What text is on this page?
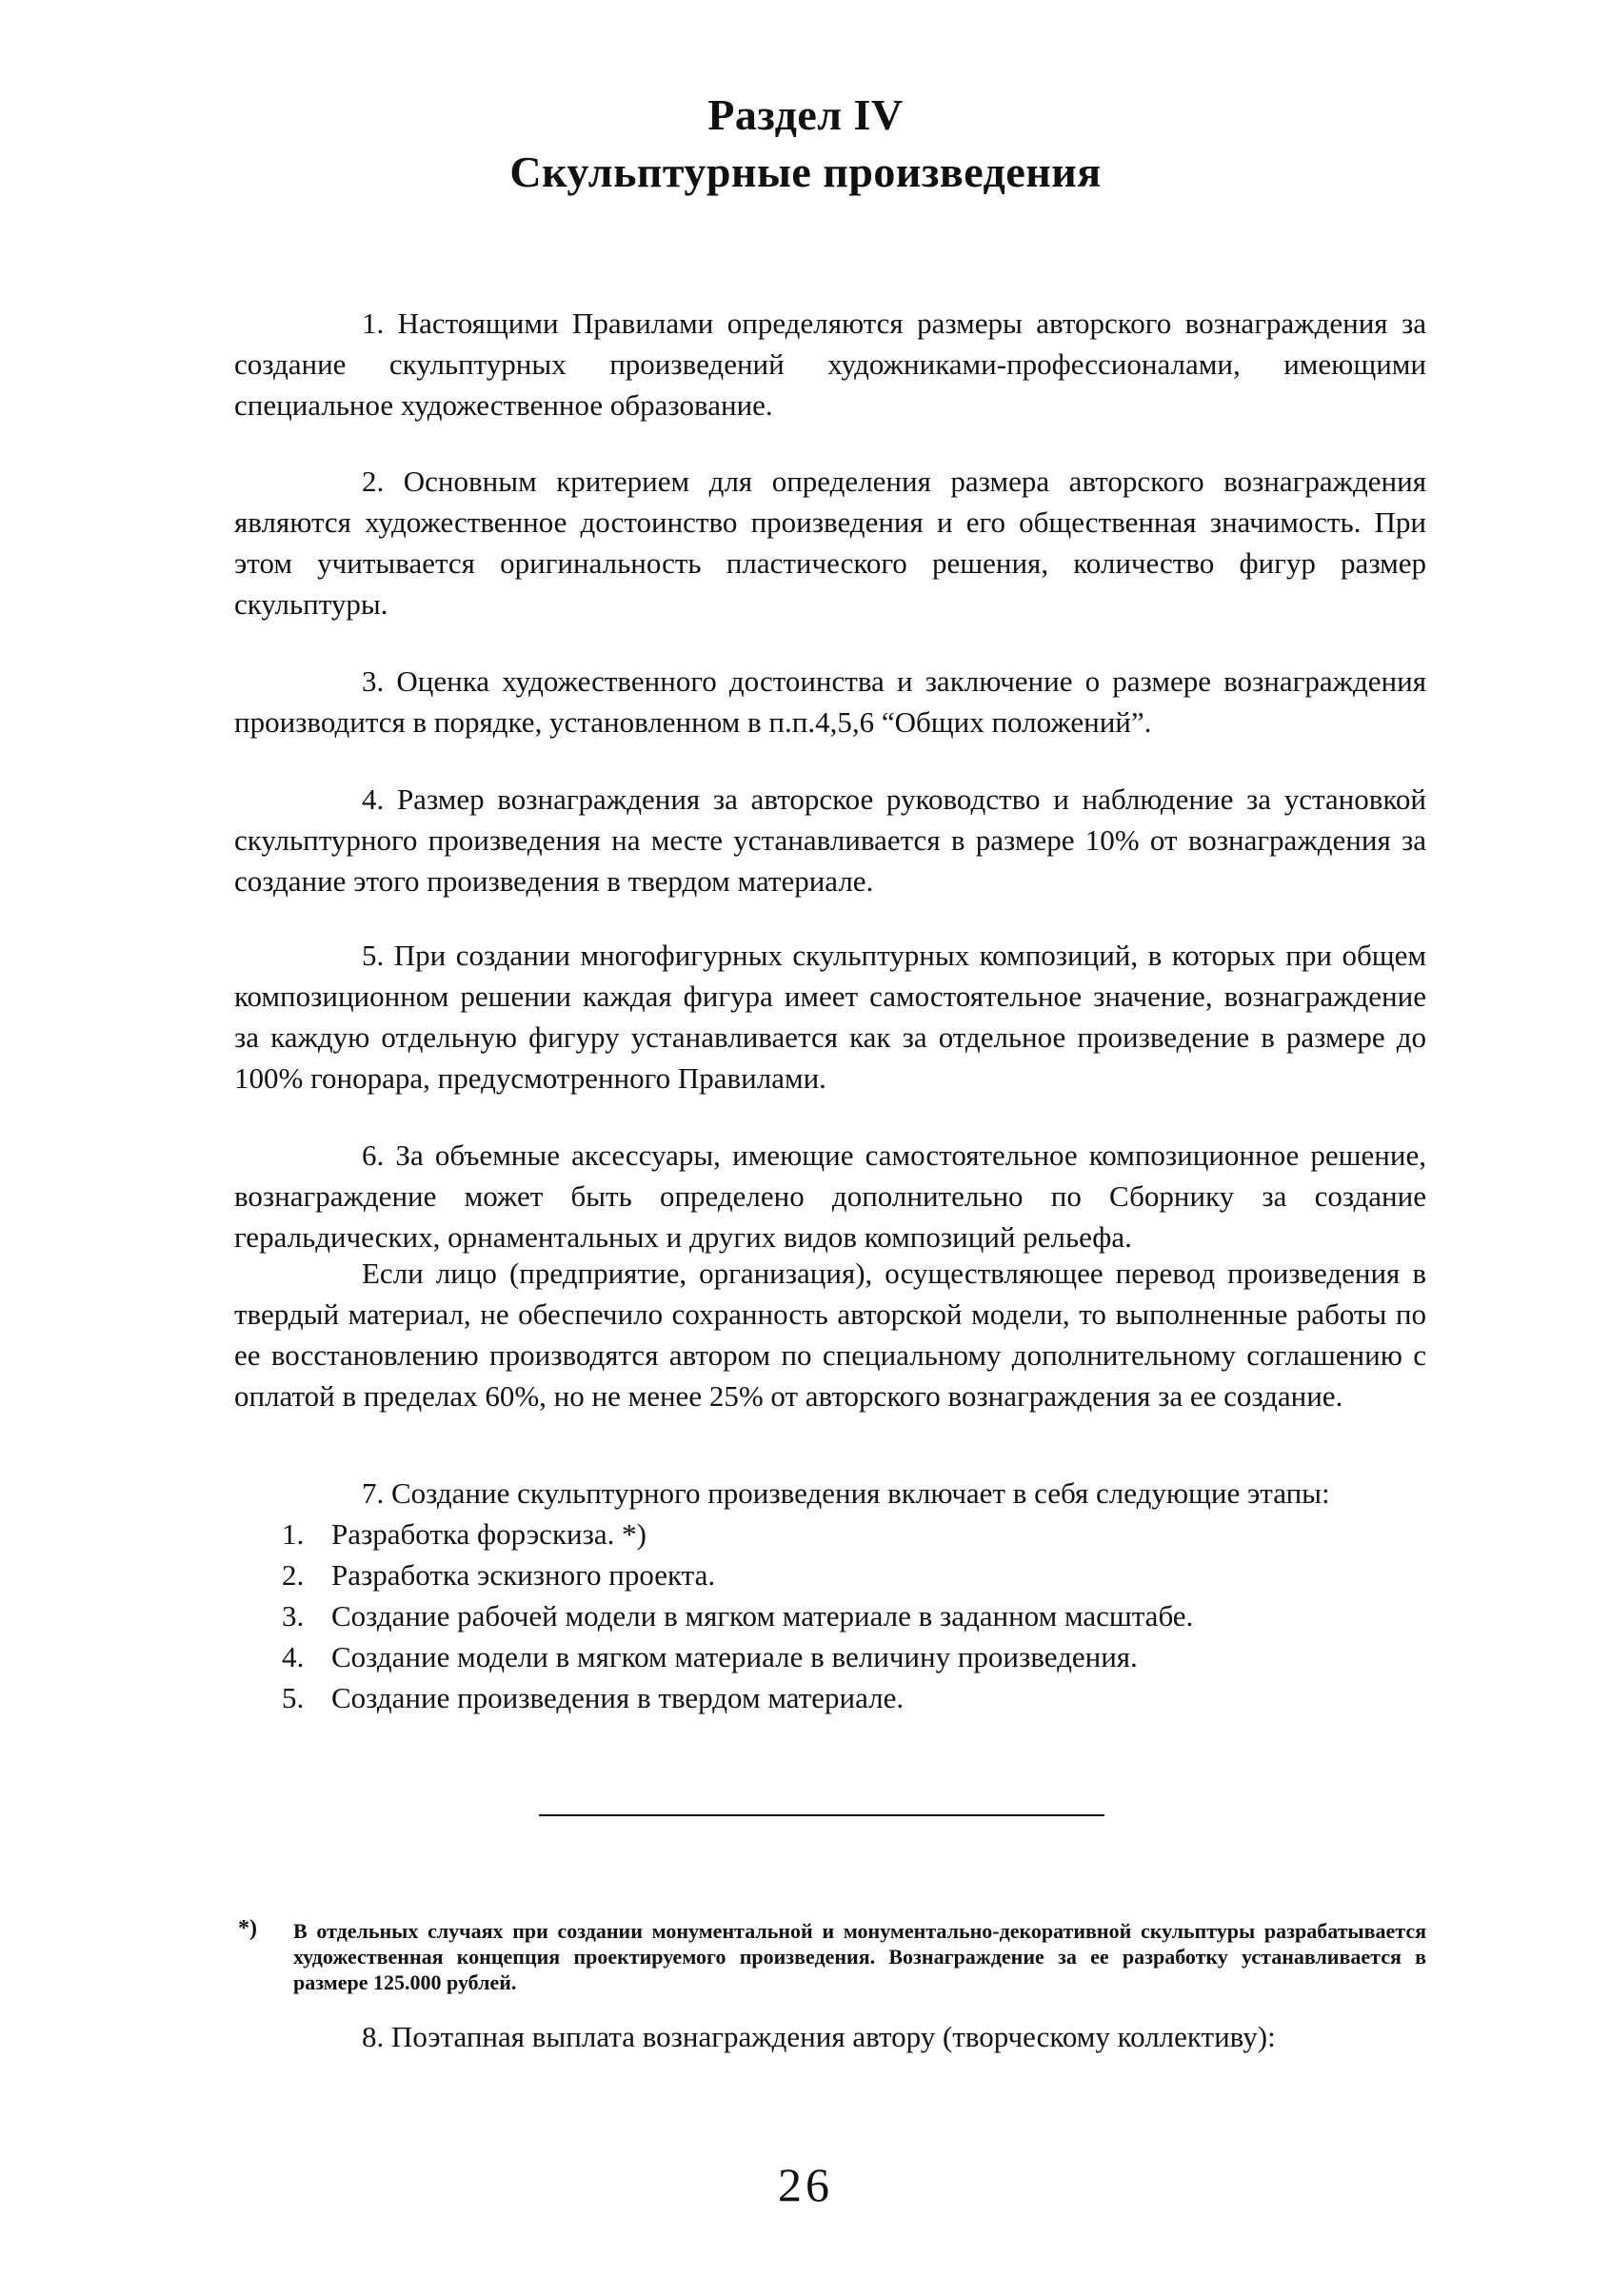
Раздел IV
Скульптурные произведения

1. Настоящими Правилами определяются размеры авторского вознаграждения за создание скульптурных произведений художниками-профессионалами, имеющими специальное художественное образование.

2. Основным критерием для определения размера авторского вознаграждения являются художественное достоинство произведения и его общественная значимость. При этом учитывается оригинальность пластического решения, количество фигур размер скульптуры.

3. Оценка художественного достоинства и заключение о размере вознаграждения производится в порядке, установленном в п.п.4,5,6 “Общих положений”.

4. Размер вознаграждения за авторское руководство и наблюдение за установкой скульптурного произведения на месте устанавливается в размере 10% от вознаграждения за создание этого произведения в твердом материале.

5. При создании многофигурных скульптурных композиций, в которых при общем композиционном решении каждая фигура имеет самостоятельное значение, вознаграждение за каждую отдельную фигуру устанавливается как за отдельное произведение в размере до 100% гонорара, предусмотренного Правилами.

6. За объемные аксессуары, имеющие самостоятельное композиционное решение, вознаграждение может быть определено дополнительно по Сборнику за создание геральдических, орнаментальных и других видов композиций рельефа.

Если лицо (предприятие, организация), осуществляющее перевод произведения в твердый материал, не обеспечило сохранность авторской модели, то выполненные работы по ее восстановлению производятся автором по специальному дополнительному соглашению с оплатой в пределах 60%, но не менее 25% от авторского вознаграждения за ее создание.

7. Создание скульптурного произведения включает в себя следующие этапы:

1. Разработка форэскиза. *)
2. Разработка эскизного проекта.
3. Создание рабочей модели в мягком материале в заданном масштабе.
4. Создание модели в мягком материале в величину произведения.
5. Создание произведения в твердом материале.
*) В отдельных случаях при создании монументальной и монументально-декоративной скульптуры разрабатывается художественная концепция проектируемого произведения. Вознаграждение за ее разработку устанавливается в размере 125.000 рублей.

8. Поэтапная выплата вознаграждения автору (творческому коллективу):

26
